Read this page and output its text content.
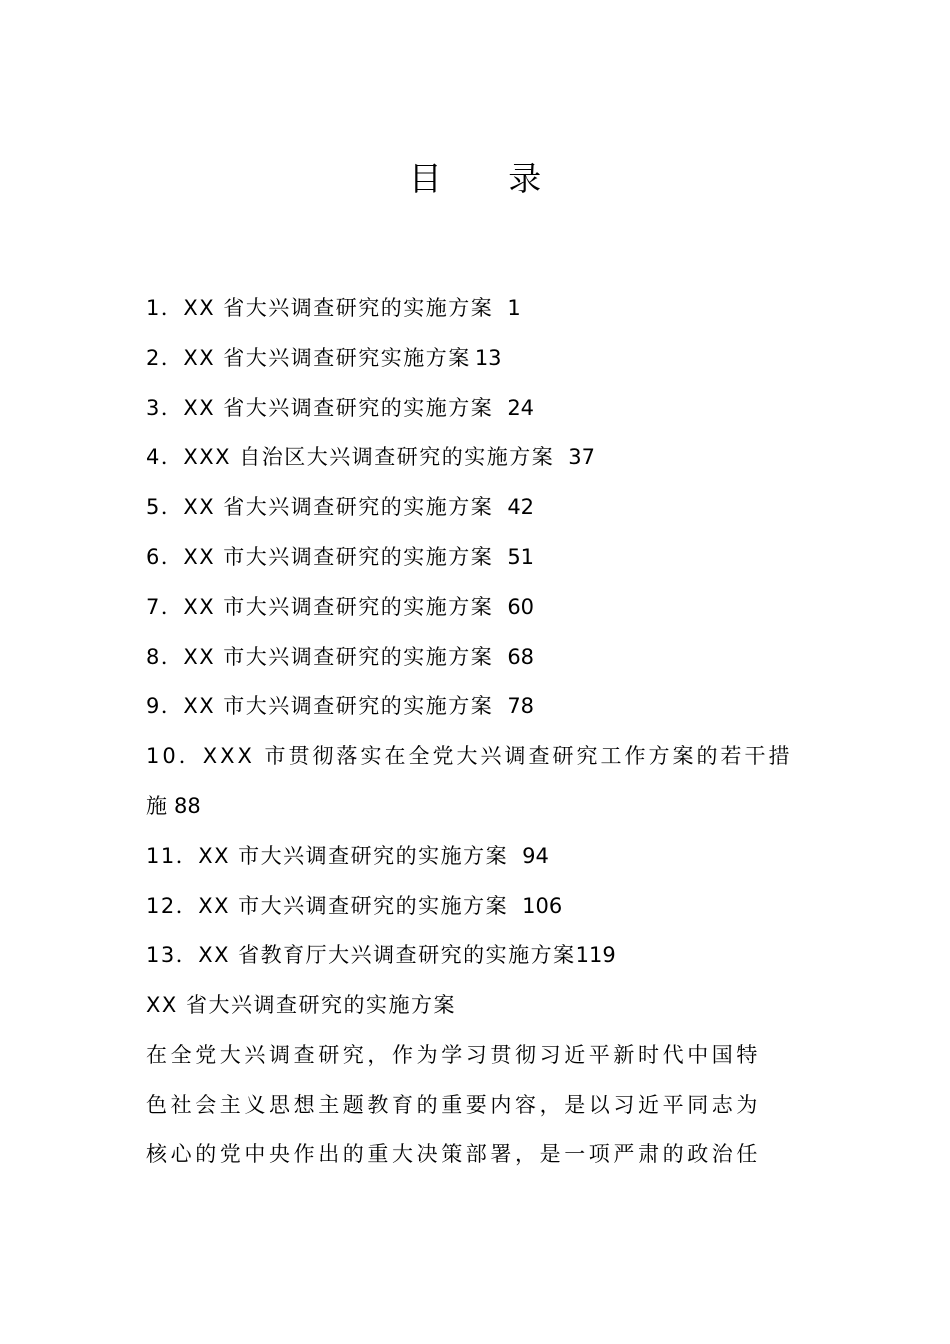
目 录
1．XX 省大兴调查研究的实施方案 1
2．XX 省大兴调查研究实施方案 13
3．XX 省大兴调查研究的实施方案 24
4．XXX 自治区大兴调查研究的实施方案 37
5．XX 省大兴调查研究的实施方案 42
6．XX 市大兴调查研究的实施方案 51
7．XX 市大兴调查研究的实施方案 60
8．XX 市大兴调查研究的实施方案 68
9．XX 市大兴调查研究的实施方案 78
10．XXX 市贯彻落实在全党大兴调查研究工作方案的若干措施 88
11．XX 市大兴调查研究的实施方案 94
12．XX 市大兴调查研究的实施方案 106
13．XX 省教育厅大兴调查研究的实施方案119
XX 省大兴调查研究的实施方案
在全党大兴调查研究，作为学习贯彻习近平新时代中国特
色社会主义思想主题教育的重要内容，是以习近平同志为
核心的党中央作出的重大决策部署，是一项严肃的政治任
